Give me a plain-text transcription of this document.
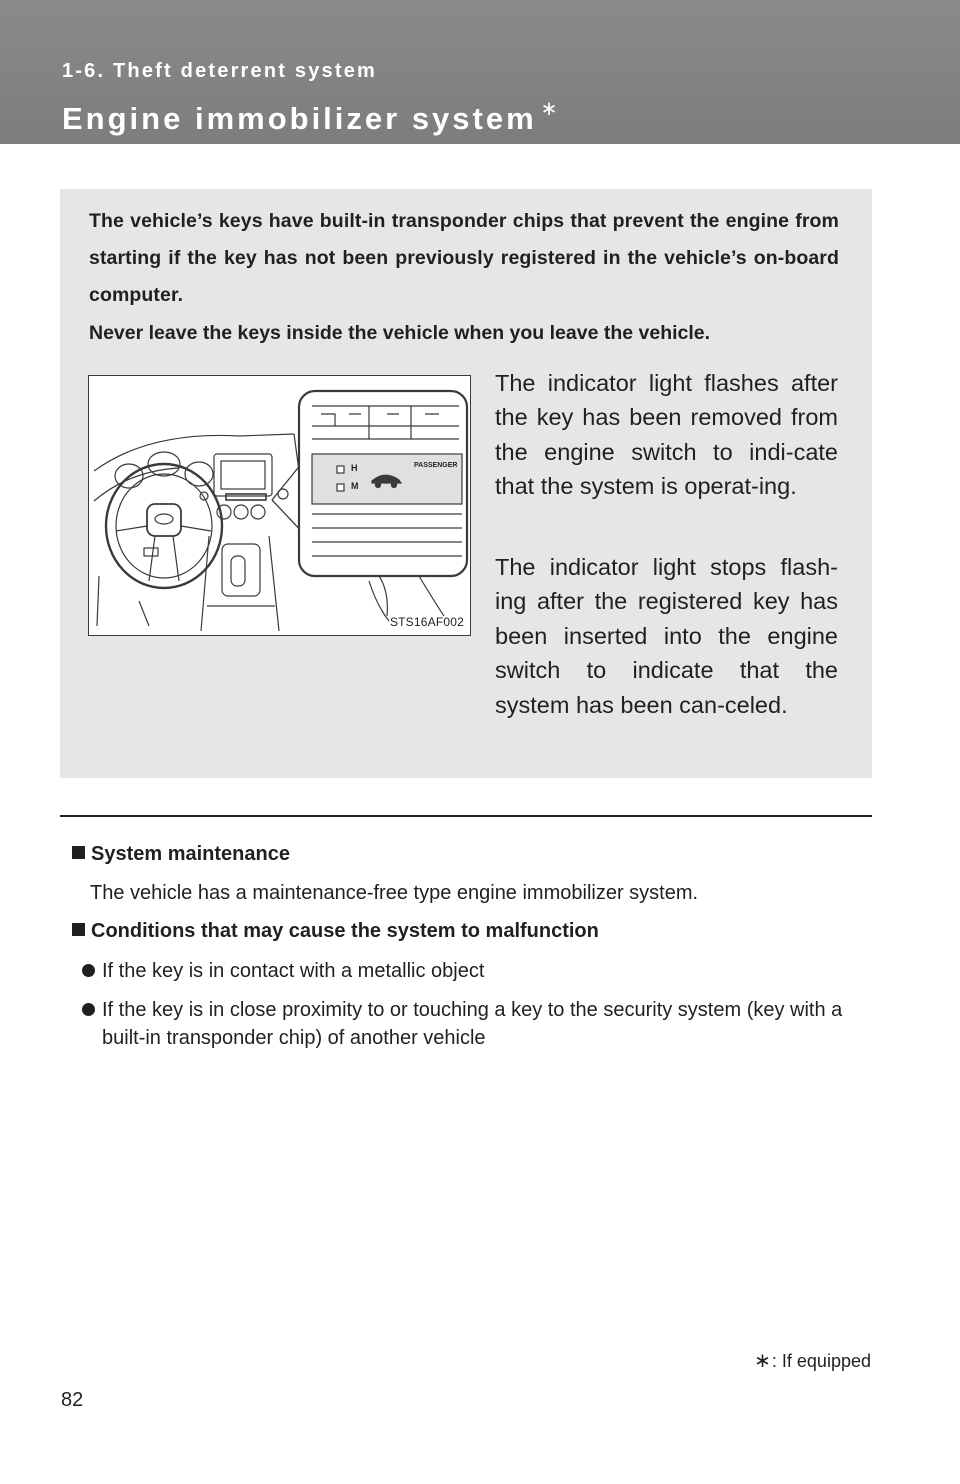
1-6. Theft deterrent system
Engine immobilizer system ∗

The vehicle’s keys have built-in transponder chips that prevent the engine from starting if the key has not been previously registered in the vehicle’s on-board computer.

Never leave the keys inside the vehicle when you leave the vehicle.

H
M
PASSENGER
STS16AF002

The indicator light flashes after the key has been removed from the engine switch to indi-cate that the system is operat-ing.

The indicator light stops flash-ing after the registered key has been inserted into the engine switch to indicate that the system has been can-celed.

System maintenance
The vehicle has a maintenance-free type engine immobilizer system.
Conditions that may cause the system to malfunction
If the key is in contact with a metallic object
If the key is in close proximity to or touching a key to the security system (key with a built-in transponder chip) of another vehicle
∗: If equipped
82
